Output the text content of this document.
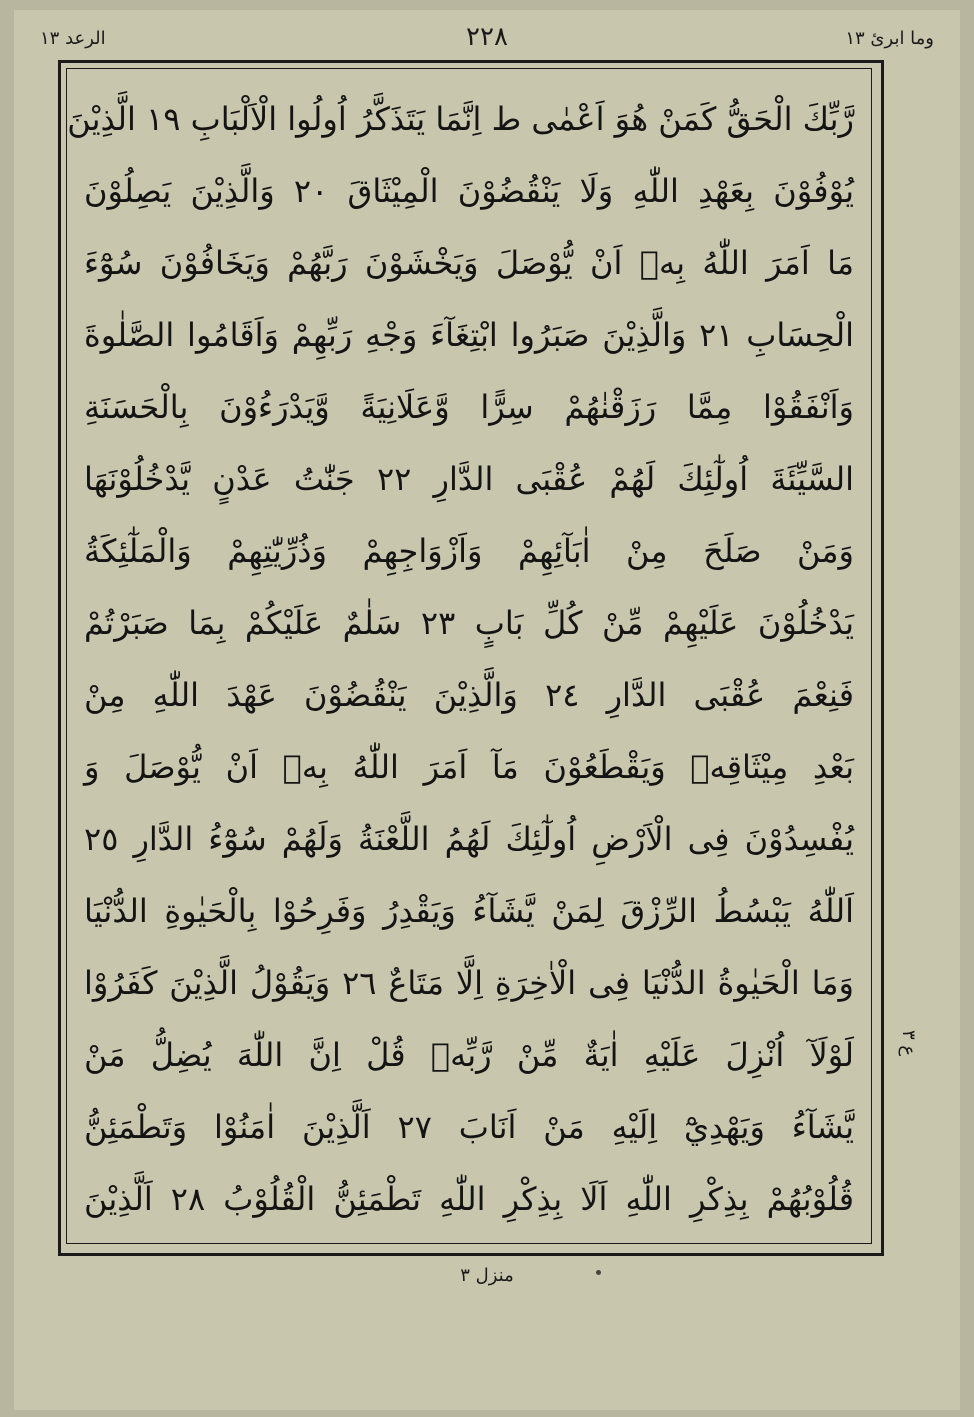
الرعد ١٣	٢٢٨	وما ابرئ ١٣
رَّبِّكَ الْحَقُّ كَمَنْ هُوَ اَعْمٰى ط اِنَّمَا يَتَذَكَّرُ اُولُوا الْاَلْبَابِ ١٩ الَّذِيْنَ
يُوْفُوْنَ بِعَهْدِ اللّٰهِ وَلَا يَنْقُضُوْنَ الْمِيْثَاقَ ٢٠ وَالَّذِيْنَ يَصِلُوْنَ
مَا اَمَرَ اللّٰهُ بِهٖ اَنْ يُّوْصَلَ وَيَخْشَوْنَ رَبَّهُمْ وَيَخَافُوْنَ سُوْٓءَ
الْحِسَابِ ٢١ وَالَّذِيْنَ صَبَرُوا ابْتِغَآءَ وَجْهِ رَبِّهِمْ وَاَقَامُوا الصَّلٰوةَ
وَاَنْفَقُوْا مِمَّا رَزَقْنٰهُمْ سِرًّا وَّعَلَانِيَةً وَّيَدْرَءُوْنَ بِالْحَسَنَةِ
السَّيِّئَةَ اُولٰٓئِكَ لَهُمْ عُقْبَى الدَّارِ ٢٢ جَنّٰتُ عَدْنٍ يَّدْخُلُوْنَهَا
وَمَنْ صَلَحَ مِنْ اٰبَآئِهِمْ وَاَزْوَاجِهِمْ وَذُرِّيّٰتِهِمْ وَالْمَلٰٓئِكَةُ
يَدْخُلُوْنَ عَلَيْهِمْ مِّنْ كُلِّ بَابٍ ٢٣ سَلٰمٌ عَلَيْكُمْ بِمَا صَبَرْتُمْ
فَنِعْمَ عُقْبَى الدَّارِ ٢٤ وَالَّذِيْنَ يَنْقُضُوْنَ عَهْدَ اللّٰهِ مِنْ
بَعْدِ مِيْثَاقِهٖ وَيَقْطَعُوْنَ مَآ اَمَرَ اللّٰهُ بِهٖ اَنْ يُّوْصَلَ وَ
يُفْسِدُوْنَ فِى الْاَرْضِ اُولٰٓئِكَ لَهُمُ اللَّعْنَةُ وَلَهُمْ سُوْٓءُ الدَّارِ ٢٥
اَللّٰهُ يَبْسُطُ الرِّزْقَ لِمَنْ يَّشَآءُ وَيَقْدِرُ وَفَرِحُوْا بِالْحَيٰوةِ الدُّنْيَا
وَمَا الْحَيٰوةُ الدُّنْيَا فِى الْاٰخِرَةِ اِلَّا مَتَاعٌ ٢٦ وَيَقُوْلُ الَّذِيْنَ كَفَرُوْا
لَوْلَآ اُنْزِلَ عَلَيْهِ اٰيَةٌ مِّنْ رَّبِّهٖ قُلْ اِنَّ اللّٰهَ يُضِلُّ مَنْ
يَّشَآءُ وَيَهْدِيْٓ اِلَيْهِ مَنْ اَنَابَ ٢٧ اَلَّذِيْنَ اٰمَنُوْا وَتَطْمَئِنُّ
قُلُوْبُهُمْ بِذِكْرِ اللّٰهِ اَلَا بِذِكْرِ اللّٰهِ تَطْمَئِنُّ الْقُلُوْبُ ٢٨ اَلَّذِيْنَ
ع ٣
منزل ٣
